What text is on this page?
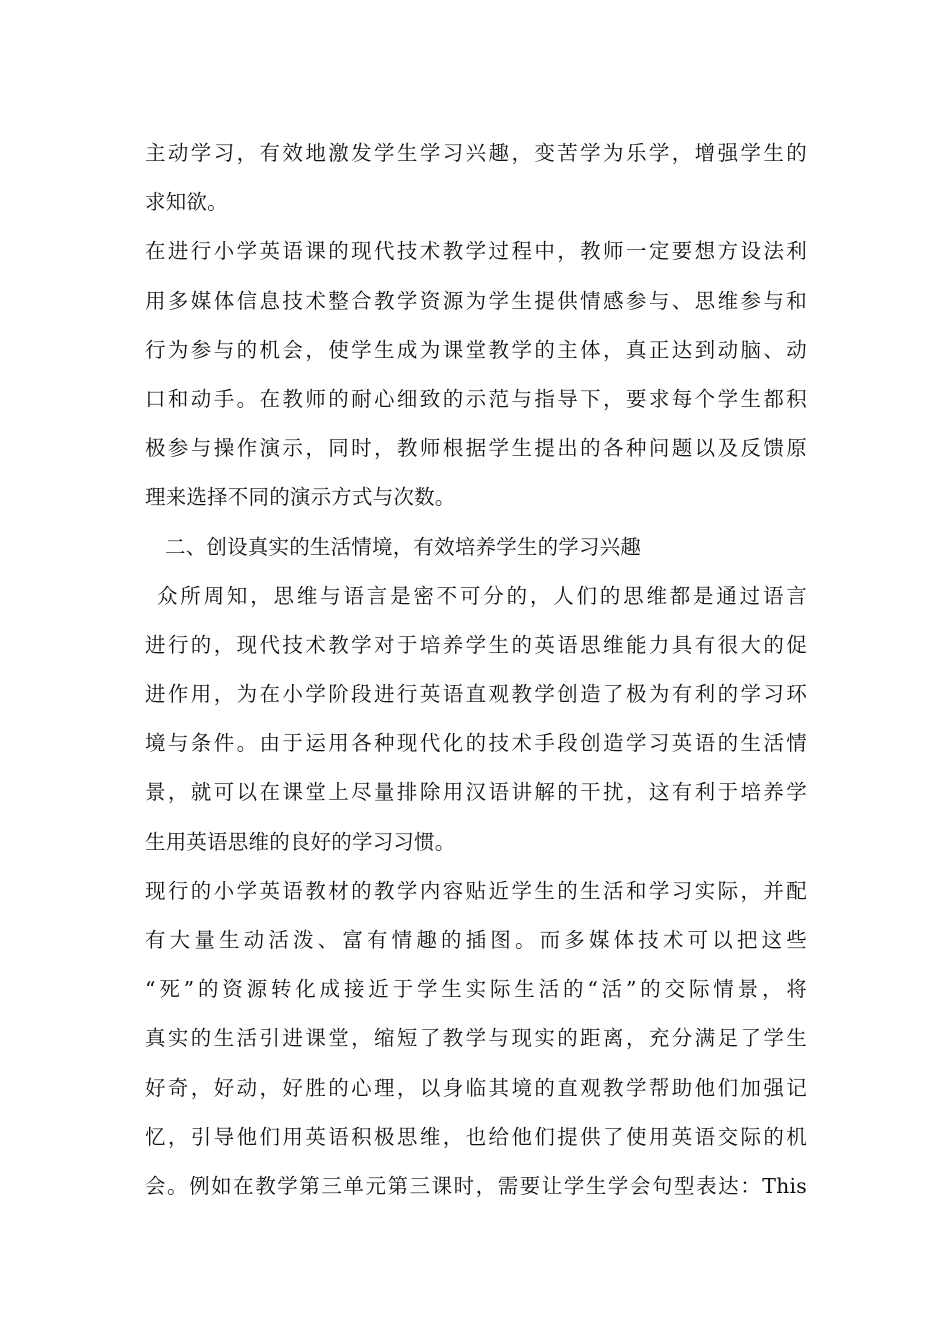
主动学习，有效地激发学生学习兴趣，变苦学为乐学，增强学生的
求知欲。
在进行小学英语课的现代技术教学过程中，教师一定要想方设法利
用多媒体信息技术整合教学资源为学生提供情感参与、思维参与和
行为参与的机会，使学生成为课堂教学的主体，真正达到动脑、动
口和动手。在教师的耐心细致的示范与指导下，要求每个学生都积
极参与操作演示，同时，教师根据学生提出的各种问题以及反馈原
理来选择不同的演示方式与次数。
二、创设真实的生活情境，有效培养学生的学习兴趣
众所周知，思维与语言是密不可分的，人们的思维都是通过语言
进行的，现代技术教学对于培养学生的英语思维能力具有很大的促
进作用，为在小学阶段进行英语直观教学创造了极为有利的学习环
境与条件。由于运用各种现代化的技术手段创造学习英语的生活情
景，就可以在课堂上尽量排除用汉语讲解的干扰，这有利于培养学
生用英语思维的良好的学习习惯。
现行的小学英语教材的教学内容贴近学生的生活和学习实际，并配
有大量生动活泼、富有情趣的插图。而多媒体技术可以把这些
“死”的资源转化成接近于学生实际生活的“活”的交际情景，将
真实的生活引进课堂，缩短了教学与现实的距离，充分满足了学生
好奇，好动，好胜的心理，以身临其境的直观教学帮助他们加强记
忆，引导他们用英语积极思维，也给他们提供了使用英语交际的机
会。例如在教学第三单元第三课时，需要让学生学会句型表达：This
